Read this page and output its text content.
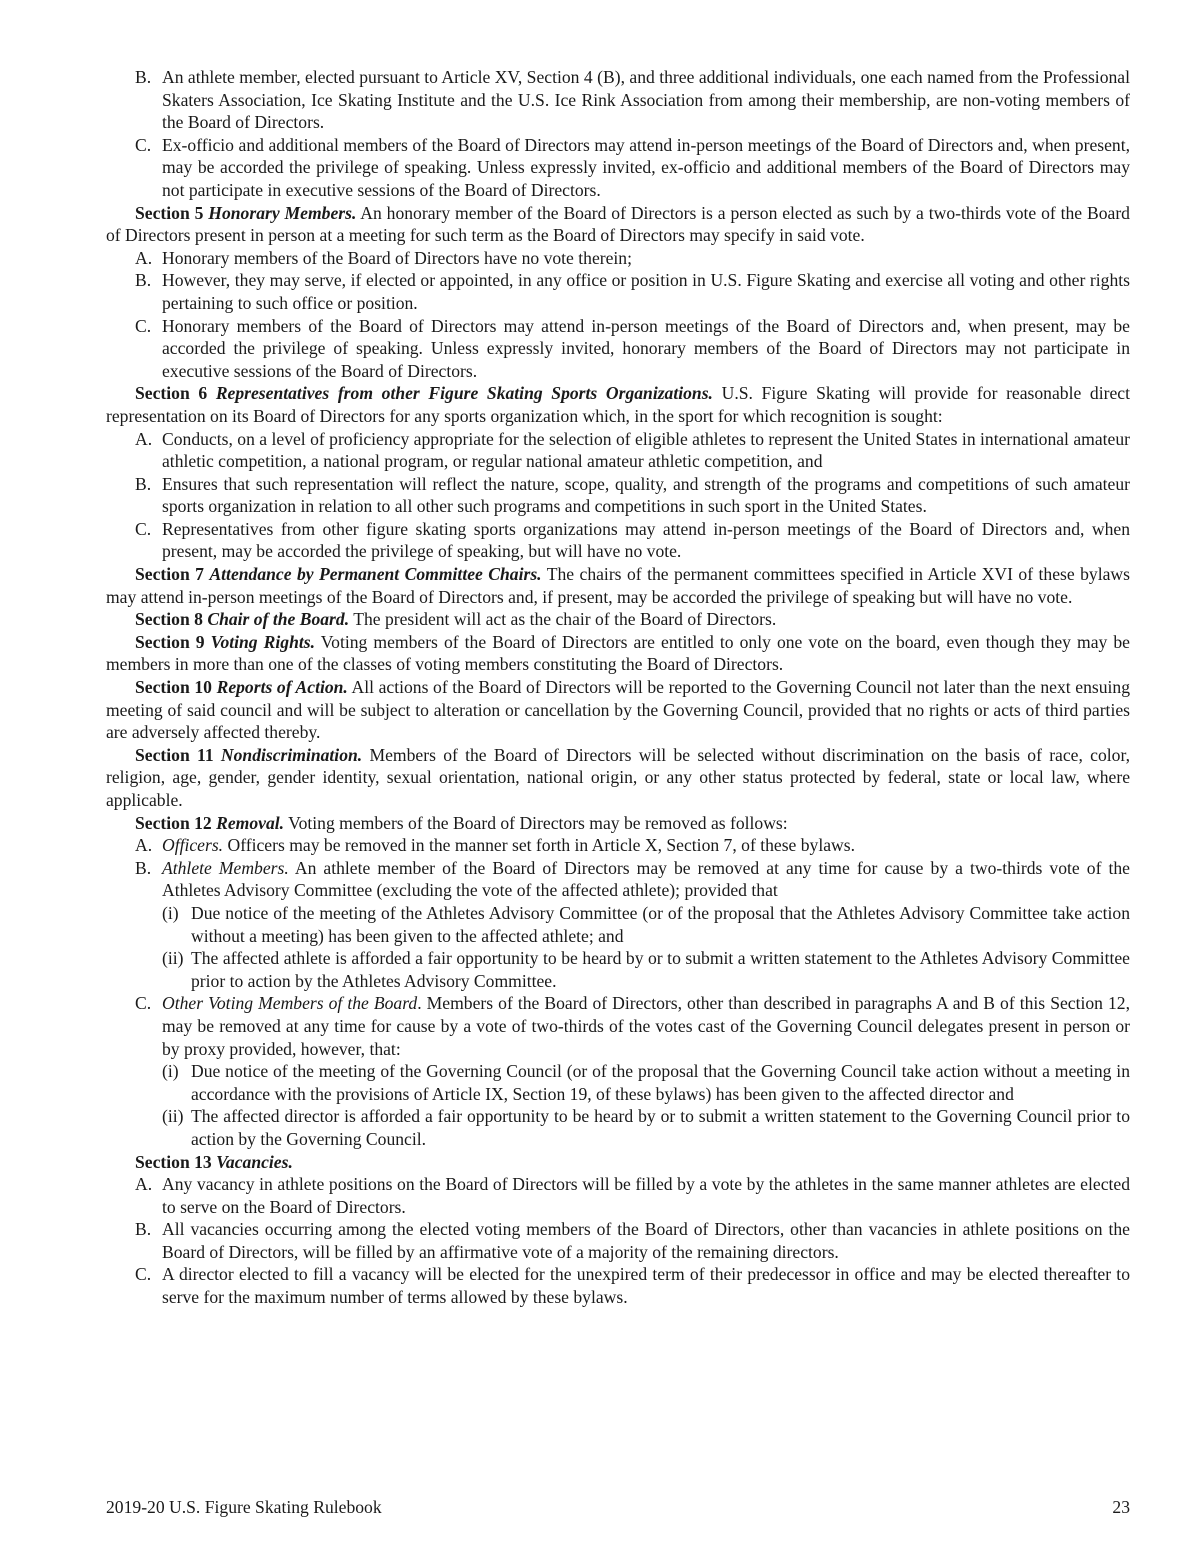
B. An athlete member, elected pursuant to Article XV, Section 4 (B), and three additional individuals, one each named from the Professional Skaters Association, Ice Skating Institute and the U.S. Ice Rink Association from among their membership, are non-voting members of the Board of Directors.
C. Ex-officio and additional members of the Board of Directors may attend in-person meetings of the Board of Directors and, when present, may be accorded the privilege of speaking. Unless expressly invited, ex-officio and additional members of the Board of Directors may not participate in executive sessions of the Board of Directors.
Section 5 Honorary Members. An honorary member of the Board of Directors is a person elected as such by a two-thirds vote of the Board of Directors present in person at a meeting for such term as the Board of Directors may specify in said vote.
A. Honorary members of the Board of Directors have no vote therein;
B. However, they may serve, if elected or appointed, in any office or position in U.S. Figure Skating and exercise all voting and other rights pertaining to such office or position.
C. Honorary members of the Board of Directors may attend in-person meetings of the Board of Directors and, when present, may be accorded the privilege of speaking. Unless expressly invited, honorary members of the Board of Directors may not participate in executive sessions of the Board of Directors.
Section 6 Representatives from other Figure Skating Sports Organizations. U.S. Figure Skating will provide for reasonable direct representation on its Board of Directors for any sports organization which, in the sport for which recognition is sought:
A. Conducts, on a level of proficiency appropriate for the selection of eligible athletes to represent the United States in international amateur athletic competition, a national program, or regular national amateur athletic competition, and
B. Ensures that such representation will reflect the nature, scope, quality, and strength of the programs and competitions of such amateur sports organization in relation to all other such programs and competitions in such sport in the United States.
C. Representatives from other figure skating sports organizations may attend in-person meetings of the Board of Directors and, when present, may be accorded the privilege of speaking, but will have no vote.
Section 7 Attendance by Permanent Committee Chairs. The chairs of the permanent committees specified in Article XVI of these bylaws may attend in-person meetings of the Board of Directors and, if present, may be accorded the privilege of speaking but will have no vote.
Section 8 Chair of the Board. The president will act as the chair of the Board of Directors.
Section 9 Voting Rights. Voting members of the Board of Directors are entitled to only one vote on the board, even though they may be members in more than one of the classes of voting members constituting the Board of Directors.
Section 10 Reports of Action. All actions of the Board of Directors will be reported to the Governing Council not later than the next ensuing meeting of said council and will be subject to alteration or cancellation by the Governing Council, provided that no rights or acts of third parties are adversely affected thereby.
Section 11 Nondiscrimination. Members of the Board of Directors will be selected without discrimination on the basis of race, color, religion, age, gender, gender identity, sexual orientation, national origin, or any other status protected by federal, state or local law, where applicable.
Section 12 Removal. Voting members of the Board of Directors may be removed as follows:
A. Officers. Officers may be removed in the manner set forth in Article X, Section 7, of these bylaws.
B. Athlete Members. An athlete member of the Board of Directors may be removed at any time for cause by a two-thirds vote of the Athletes Advisory Committee (excluding the vote of the affected athlete); provided that
(i) Due notice of the meeting of the Athletes Advisory Committee (or of the proposal that the Athletes Advisory Committee take action without a meeting) has been given to the affected athlete; and
(ii) The affected athlete is afforded a fair opportunity to be heard by or to submit a written statement to the Athletes Advisory Committee prior to action by the Athletes Advisory Committee.
C. Other Voting Members of the Board. Members of the Board of Directors, other than described in paragraphs A and B of this Section 12, may be removed at any time for cause by a vote of two-thirds of the votes cast of the Governing Council delegates present in person or by proxy provided, however, that:
(i) Due notice of the meeting of the Governing Council (or of the proposal that the Governing Council take action without a meeting in accordance with the provisions of Article IX, Section 19, of these bylaws) has been given to the affected director and
(ii) The affected director is afforded a fair opportunity to be heard by or to submit a written statement to the Governing Council prior to action by the Governing Council.
Section 13 Vacancies.
A. Any vacancy in athlete positions on the Board of Directors will be filled by a vote by the athletes in the same manner athletes are elected to serve on the Board of Directors.
B. All vacancies occurring among the elected voting members of the Board of Directors, other than vacancies in athlete positions on the Board of Directors, will be filled by an affirmative vote of a majority of the remaining directors.
C. A director elected to fill a vacancy will be elected for the unexpired term of their predecessor in office and may be elected thereafter to serve for the maximum number of terms allowed by these bylaws.
2019-20 U.S. Figure Skating Rulebook	23
